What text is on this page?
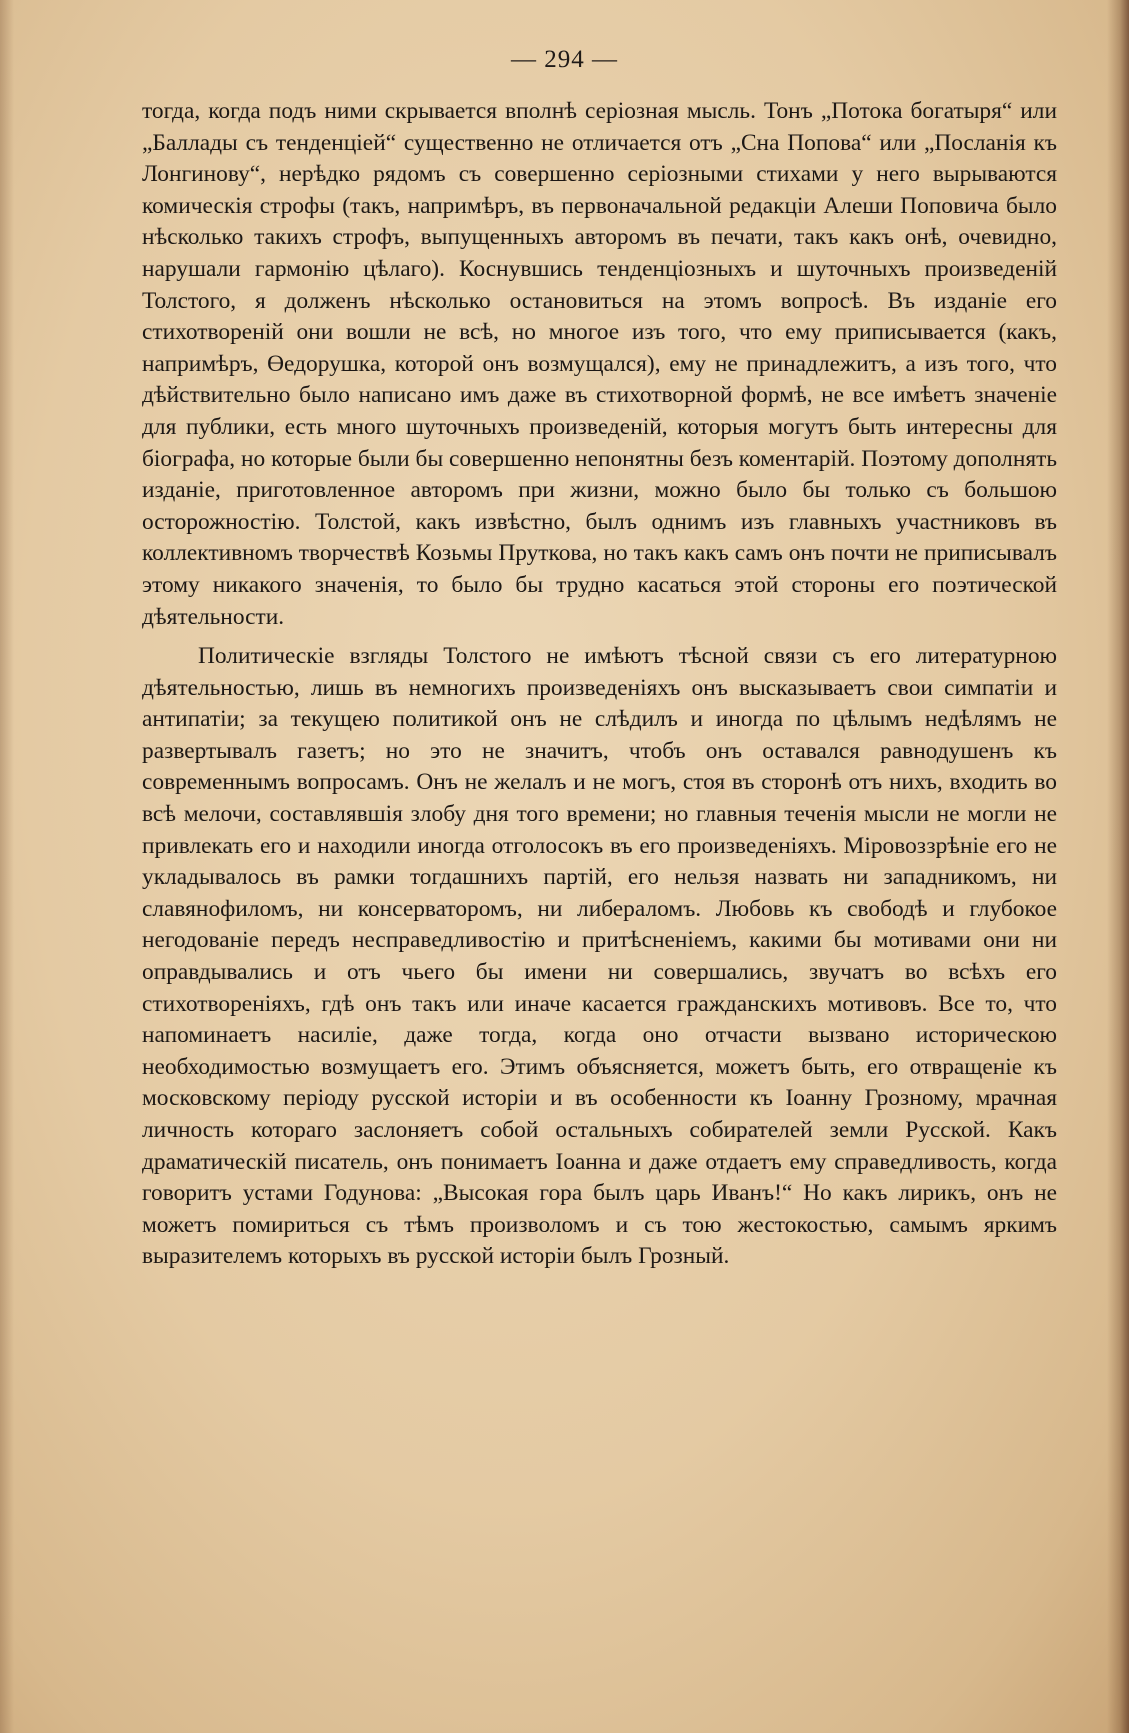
— 294 —

тогда, когда подъ ними скрывается вполнѣ серіозная мысль. Тонъ „Потока богатыря“ или „Баллады съ тенденціей“ существенно не отличается отъ „Сна Попова“ или „Посланія къ Лонгинову“, нерѣдко рядомъ съ совершенно серіозными стихами у него вырываются комическія строфы (такъ, напримѣръ, въ первоначальной редакціи Алеши Поповича было нѣсколько такихъ строфъ, выпущенныхъ авторомъ въ печати, такъ какъ онѣ, очевидно, нарушали гармонію цѣлаго). Коснувшись тенденціозныхъ и шуточныхъ произведеній Толстого, я долженъ нѣсколько остановиться на этомъ вопросѣ. Въ изданіе его стихотвореній они вошли не всѣ, но многое изъ того, что ему приписывается (какъ, напримѣръ, Өедорушка, которой онъ возмущался), ему не принадлежитъ, а изъ того, что дѣйствительно было написано имъ даже въ стихотворной формѣ, не все имѣетъ значеніе для публики, есть много шуточныхъ произведеній, которыя могутъ быть интересны для біографа, но которые были бы совершенно непонятны безъ коментарій. Поэтому дополнять изданіе, приготовленное авторомъ при жизни, можно было бы только съ большою осторожностію. Толстой, какъ извѣстно, былъ однимъ изъ главныхъ участниковъ въ коллективномъ творчествѣ Козьмы Пруткова, но такъ какъ самъ онъ почти не приписывалъ этому никакого значенія, то было бы трудно касаться этой стороны его поэтической дѣятельности.

Политическіе взгляды Толстого не имѣютъ тѣсной связи съ его литературною дѣятельностью, лишь въ немногихъ произведеніяхъ онъ высказываетъ свои симпатіи и антипатіи; за текущею политикой онъ не слѣдилъ и иногда по цѣлымъ недѣлямъ не развертывалъ газетъ; но это не значитъ, чтобъ онъ оставался равнодушенъ къ современнымъ вопросамъ. Онъ не желалъ и не могъ, стоя въ сторонѣ отъ нихъ, входить во всѣ мелочи, составлявшія злобу дня того времени; но главныя теченія мысли не могли не привлекать его и находили иногда отголосокъ въ его произведеніяхъ. Міровоззрѣніе его не укладывалось въ рамки тогдашнихъ партій, его нельзя назвать ни западникомъ, ни славянофиломъ, ни консерваторомъ, ни либераломъ. Любовь къ свободѣ и глубокое негодованіе передъ несправедливостію и притѣсненіемъ, какими бы мотивами они ни оправдывались и отъ чьего бы имени ни совершались, звучатъ во всѣхъ его стихотвореніяхъ, гдѣ онъ такъ или иначе касается гражданскихъ мотивовъ. Все то, что напоминаетъ насиліе, даже тогда, когда оно отчасти вызвано историческою необходимостью возмущаетъ его. Этимъ объясняется, можетъ быть, его отвращеніе къ московскому періоду русской исторіи и въ особенности къ Іоанну Грозному, мрачная личность котораго заслоняетъ собой остальныхъ собирателей земли Русской. Какъ драматическій писатель, онъ понимаетъ Іоанна и даже отдаетъ ему справедливость, когда говоритъ устами Годунова: „Высокая гора былъ царь Иванъ!“ Но какъ лирикъ, онъ не можетъ помириться съ тѣмъ произволомъ и съ тою жестокостью, самымъ яркимъ выразителемъ которыхъ въ русской исторіи былъ Грозный.
